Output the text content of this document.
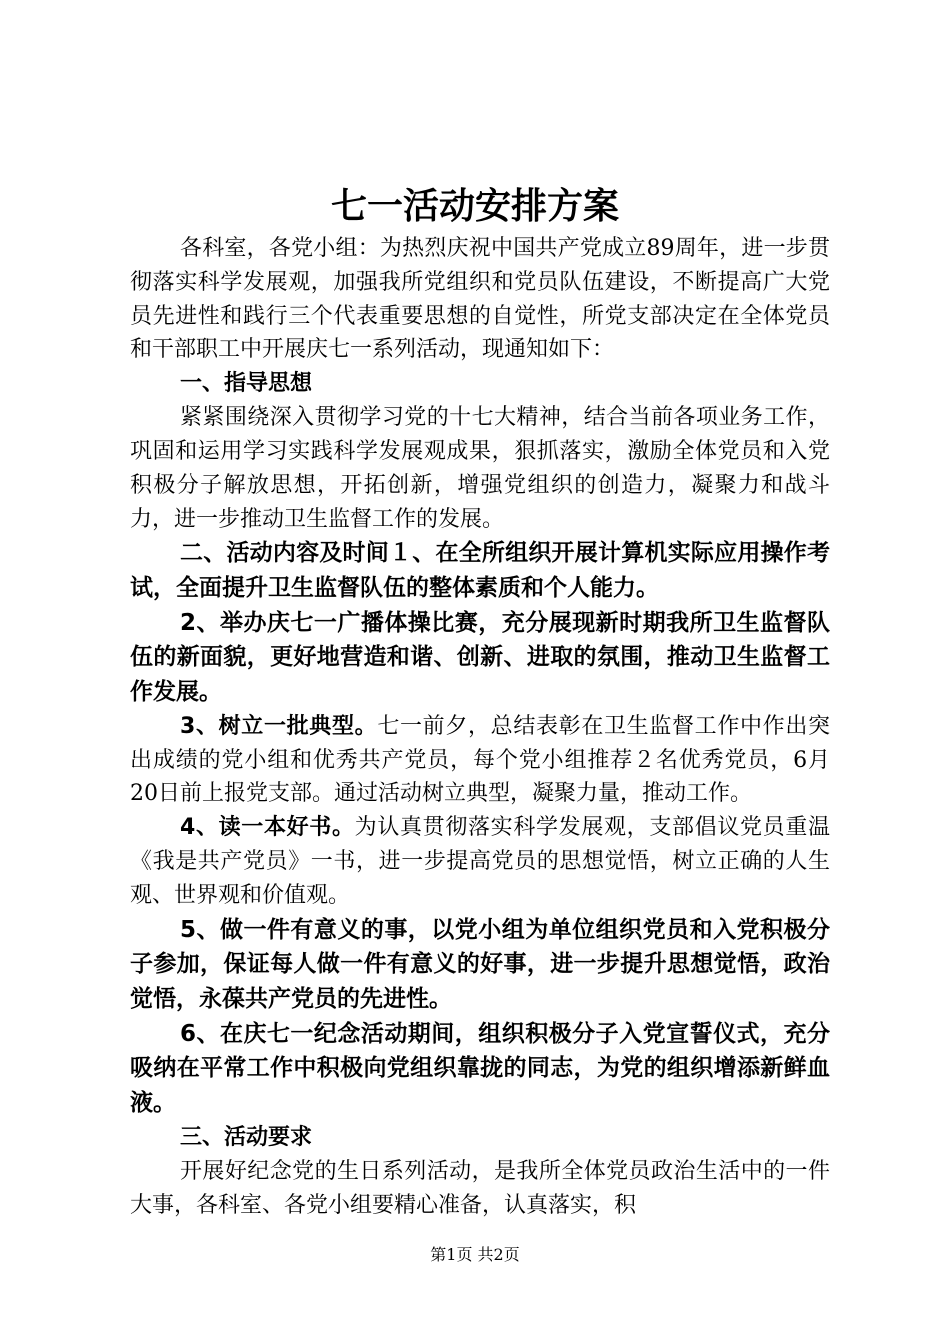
七一活动安排方案

各科室，各党小组：为热烈庆祝中国共产党成立89周年，进一步贯彻落实科学发展观，加强我所党组织和党员队伍建设，不断提高广大党员先进性和践行三个代表重要思想的自觉性，所党支部决定在全体党员和干部职工中开展庆七一系列活动，现通知如下：

一、指导思想

紧紧围绕深入贯彻学习党的十七大精神，结合当前各项业务工作，巩固和运用学习实践科学发展观成果，狠抓落实，激励全体党员和入党积极分子解放思想，开拓创新，增强党组织的创造力，凝聚力和战斗力，进一步推动卫生监督工作的发展。

二、活动内容及时间１、在全所组织开展计算机实际应用操作考试，全面提升卫生监督队伍的整体素质和个人能力。

2、举办庆七一广播体操比赛，充分展现新时期我所卫生监督队伍的新面貌，更好地营造和谐、创新、进取的氛围，推动卫生监督工作发展。

3、树立一批典型。七一前夕，总结表彰在卫生监督工作中作出突出成绩的党小组和优秀共产党员，每个党小组推荐２名优秀党员，6月20日前上报党支部。通过活动树立典型，凝聚力量，推动工作。

4、读一本好书。为认真贯彻落实科学发展观，支部倡议党员重温《我是共产党员》一书，进一步提高党员的思想觉悟，树立正确的人生观、世界观和价值观。

5、做一件有意义的事，以党小组为单位组织党员和入党积极分子参加，保证每人做一件有意义的好事，进一步提升思想觉悟，政治觉悟，永葆共产党员的先进性。

6、在庆七一纪念活动期间，组织积极分子入党宣誓仪式，充分吸纳在平常工作中积极向党组织靠拢的同志，为党的组织增添新鲜血液。

三、活动要求

开展好纪念党的生日系列活动，是我所全体党员政治生活中的一件大事，各科室、各党小组要精心准备，认真落实，积

第1页 共2页
